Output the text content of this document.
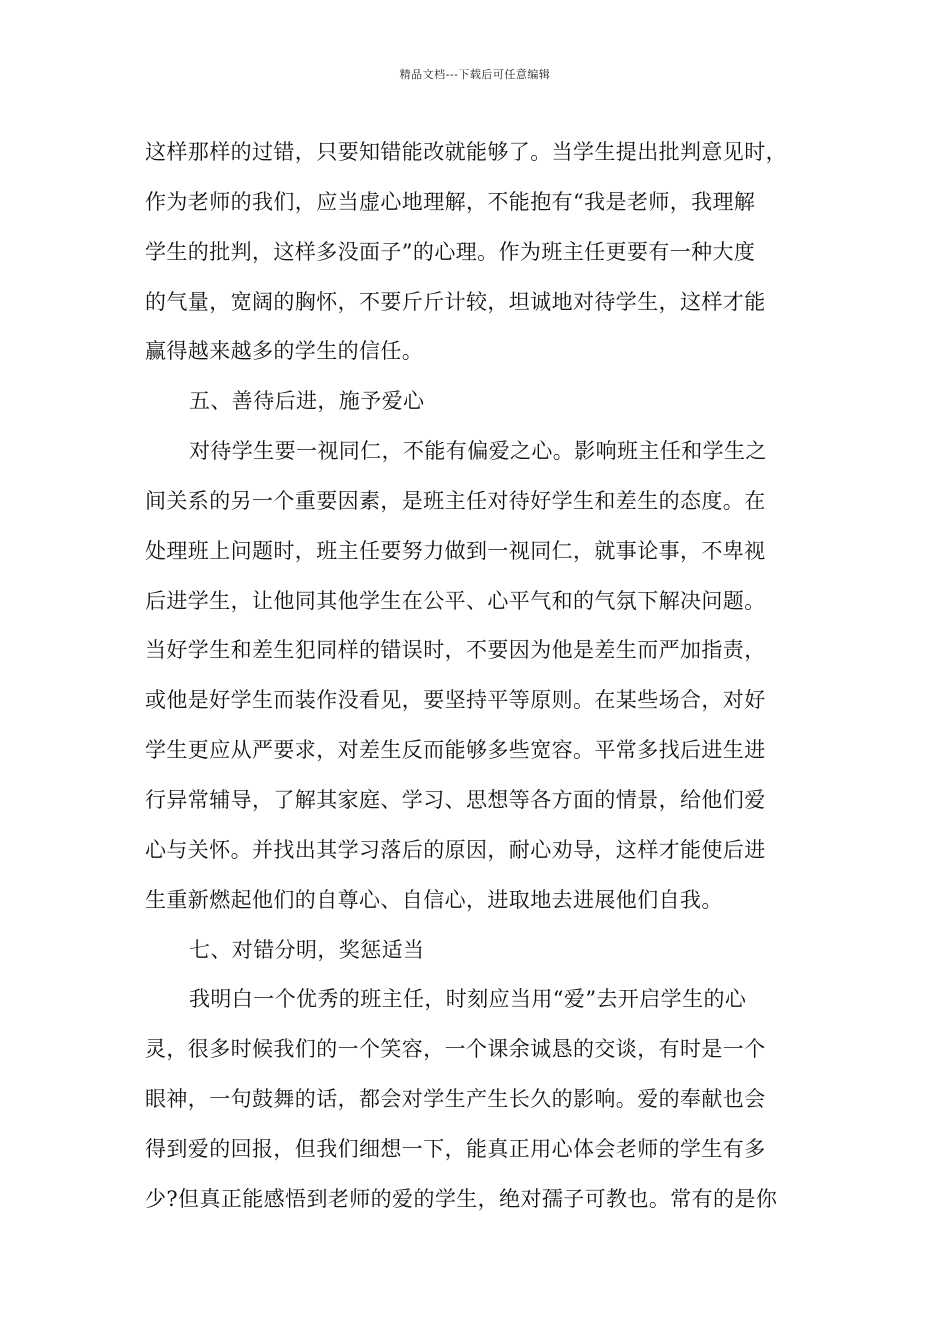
精品文档---下载后可任意编辑
这样那样的过错，只要知错能改就能够了。当学生提出批判意见时，
作为老师的我们，应当虚心地理解，不能抱有“我是老师，我理解
学生的批判，这样多没面子”的心理。作为班主任更要有一种大度
的气量，宽阔的胸怀，不要斤斤计较，坦诚地对待学生，这样才能
赢得越来越多的学生的信任。
五、善待后进，施予爱心
对待学生要一视同仁，不能有偏爱之心。影响班主任和学生之
间关系的另一个重要因素，是班主任对待好学生和差生的态度。在
处理班上问题时，班主任要努力做到一视同仁，就事论事，不卑视
后进学生，让他同其他学生在公平、心平气和的气氛下解决问题。
当好学生和差生犯同样的错误时，不要因为他是差生而严加指责，
或他是好学生而装作没看见，要坚持平等原则。在某些场合，对好
学生更应从严要求，对差生反而能够多些宽容。平常多找后进生进
行异常辅导，了解其家庭、学习、思想等各方面的情景，给他们爱
心与关怀。并找出其学习落后的原因，耐心劝导，这样才能使后进
生重新燃起他们的自尊心、自信心，进取地去进展他们自我。
七、对错分明，奖惩适当
我明白一个优秀的班主任，时刻应当用“爱”去开启学生的心
灵，很多时候我们的一个笑容，一个课余诚恳的交谈，有时是一个
眼神，一句鼓舞的话，都会对学生产生长久的影响。爱的奉献也会
得到爱的回报，但我们细想一下，能真正用心体会老师的学生有多
少?但真正能感悟到老师的爱的学生，绝对孺子可教也。常有的是你
